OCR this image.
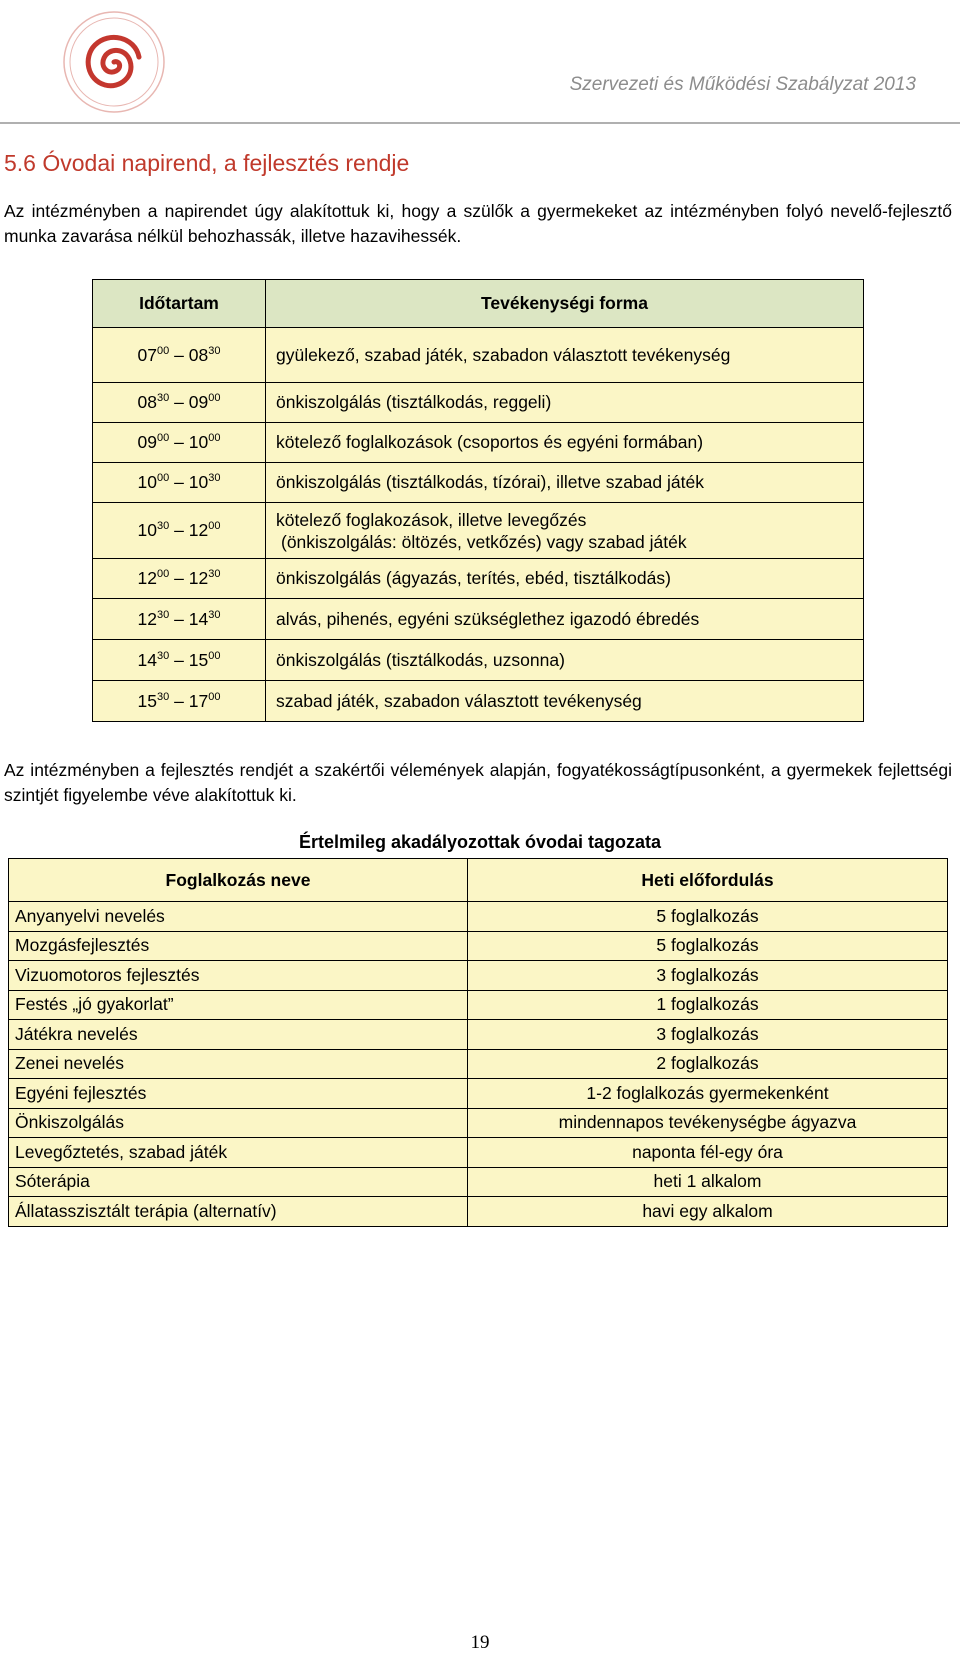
Szervezeti és Működési Szabályzat 2013
5.6 Óvodai napirend, a fejlesztés rendje
Az intézményben a napirendet úgy alakítottuk ki, hogy a szülők a gyermekeket az intézményben folyó nevelő-fejlesztő munka zavarása nélkül behozhassák, illetve hazavihessék.
Időtartam	Tevékenységi forma
$07^{00} - 08^{30}$	gyülekező, szabad játék, szabadon választott tevékenység
$08^{30} - 09^{00}$	önkiszolgálás (tisztálkodás, reggeli)
$09^{00} - 10^{00}$	kötelező foglalkozások (csoportos és egyéni formában)
$10^{00} - 10^{30}$	önkiszolgálás (tisztálkodás, tízórai), illetve szabad játék
$10^{30} - 12^{00}$	kötelező foglakozások, illetve levegőzés
(önkiszolgálás: öltözés, vetkőzés) vagy szabad játék

$12^{00} - 12^{30}$	önkiszolgálás (ágyazás, terítés, ebéd, tisztálkodás)
$12^{30} - 14^{30}$	alvás, pihenés, egyéni szükséglethez igazodó ébredés
$14^{30} - 15^{00}$	önkiszolgálás (tisztálkodás, uzsonna)
$15^{30} - 17^{00}$	szabad játék, szabadon választott tevékenység
Az intézményben a fejlesztés rendjét a szakértői vélemények alapján, fogyatékosságtípusonként, a gyermekek fejlettségi szintjét figyelembe véve alakítottuk ki.
Értelmileg akadályozottak óvodai tagozata
Foglalkozás neve	Heti előfordulás
Anyanyelvi nevelés	5 foglalkozás
Mozgásfejlesztés	5 foglalkozás
Vizuomotoros fejlesztés	3 foglalkozás
Festés „jó gyakorlat”	1 foglalkozás
Játékra nevelés	3 foglalkozás
Zenei nevelés	2 foglalkozás
Egyéni fejlesztés	1-2 foglalkozás gyermekenként
Önkiszolgálás	mindennapos tevékenységbe ágyazva
Levegőztetés, szabad játék	naponta fél-egy óra
Sóterápia	heti 1 alkalom
Állatasszisztált terápia (alternatív)	havi egy alkalom
19
